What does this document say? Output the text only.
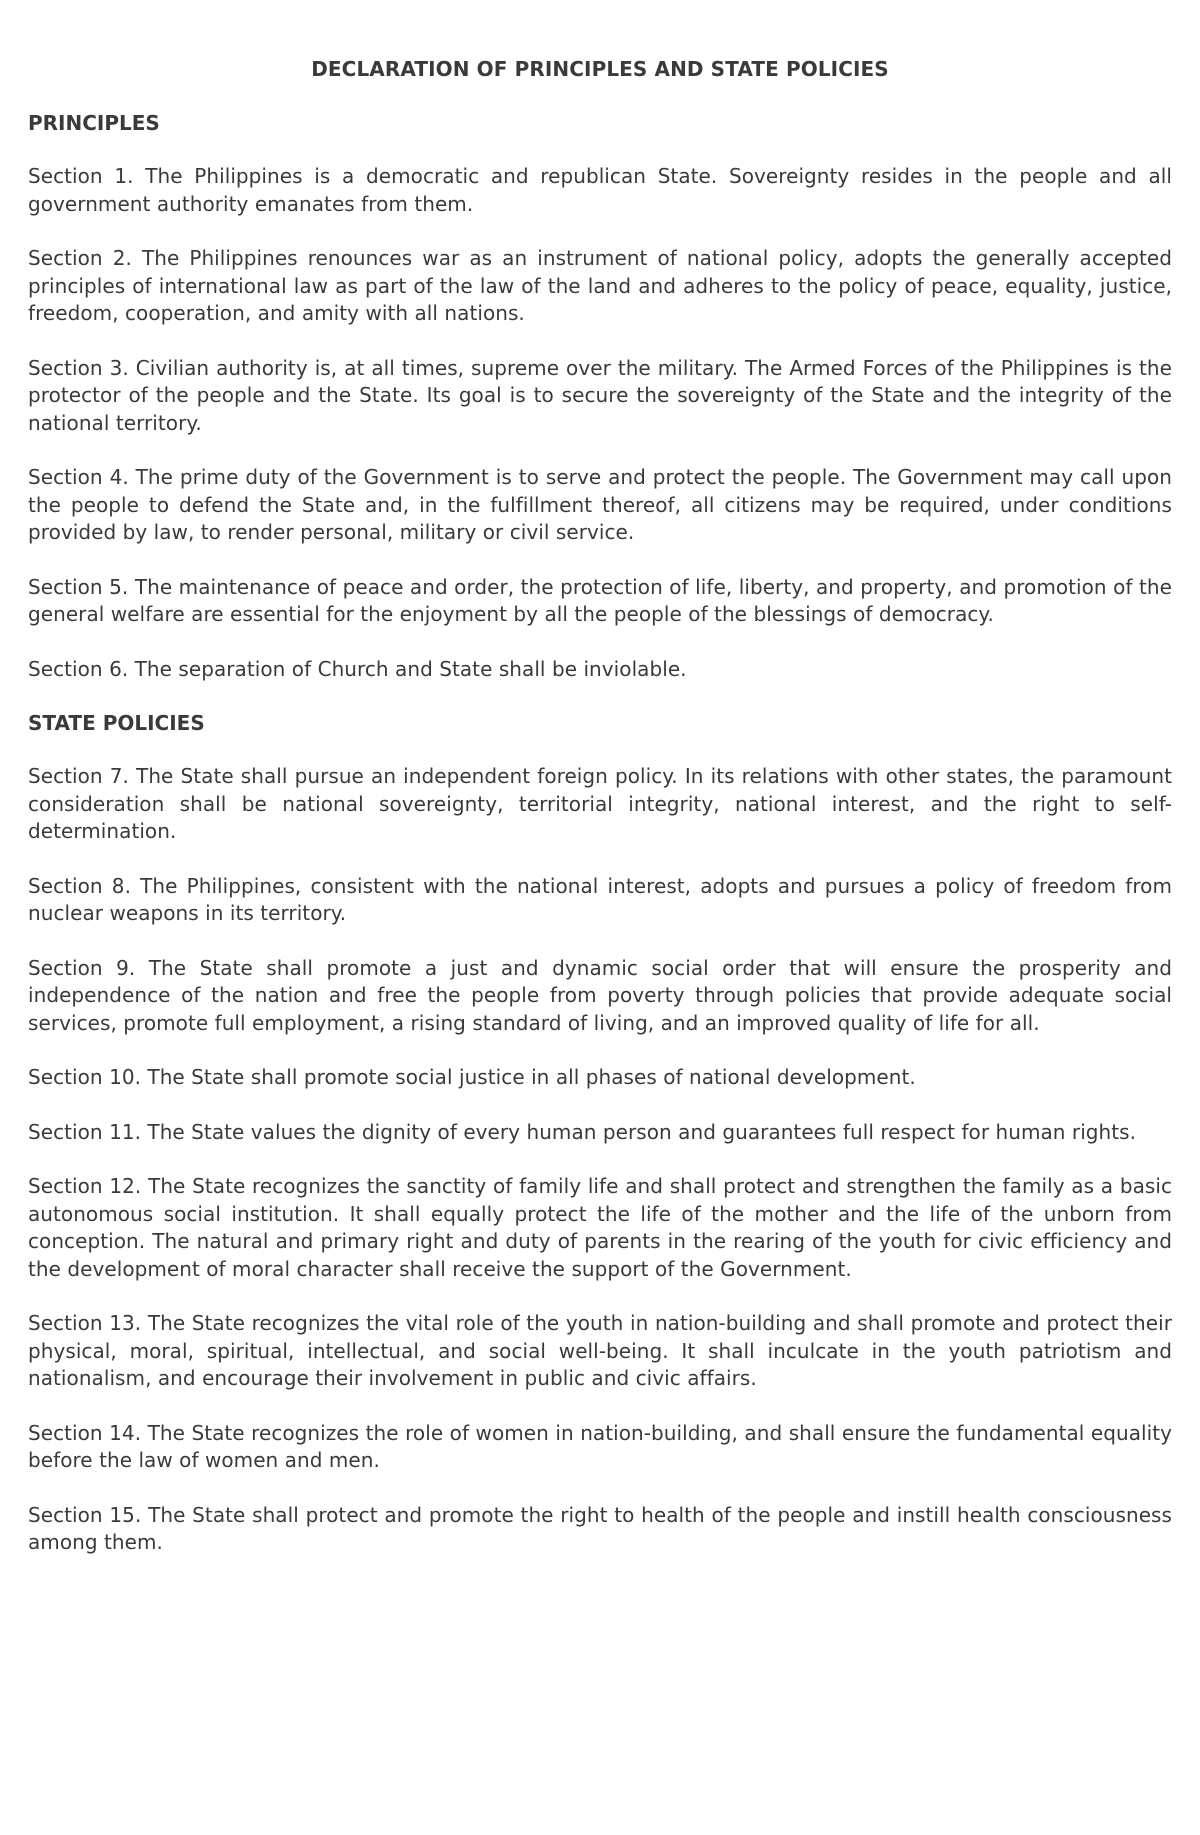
DECLARATION OF PRINCIPLES AND STATE POLICIES
PRINCIPLES

Section 1. The Philippines is a democratic and republican State. Sovereignty resides in the people and all government authority emanates from them.

Section 2. The Philippines renounces war as an instrument of national policy, adopts the generally accepted principles of international law as part of the law of the land and adheres to the policy of peace, equality, justice, freedom, cooperation, and amity with all nations.

Section 3. Civilian authority is, at all times, supreme over the military. The Armed Forces of the Philippines is the protector of the people and the State. Its goal is to secure the sovereignty of the State and the integrity of the national territory.

Section 4. The prime duty of the Government is to serve and protect the people. The Government may call upon the people to defend the State and, in the fulfillment thereof, all citizens may be required, under conditions provided by law, to render personal, military or civil service.

Section 5. The maintenance of peace and order, the protection of life, liberty, and property, and promotion of the general welfare are essential for the enjoyment by all the people of the blessings of democracy.

Section 6. The separation of Church and State shall be inviolable.

STATE POLICIES

Section 7. The State shall pursue an independent foreign policy. In its relations with other states, the paramount consideration shall be national sovereignty, territorial integrity, national interest, and the right to self-determination.

Section 8. The Philippines, consistent with the national interest, adopts and pursues a policy of freedom from nuclear weapons in its territory.

Section 9. The State shall promote a just and dynamic social order that will ensure the prosperity and independence of the nation and free the people from poverty through policies that provide adequate social services, promote full employment, a rising standard of living, and an improved quality of life for all.

Section 10. The State shall promote social justice in all phases of national development.

Section 11. The State values the dignity of every human person and guarantees full respect for human rights.

Section 12. The State recognizes the sanctity of family life and shall protect and strengthen the family as a basic autonomous social institution. It shall equally protect the life of the mother and the life of the unborn from conception. The natural and primary right and duty of parents in the rearing of the youth for civic efficiency and the development of moral character shall receive the support of the Government.

Section 13. The State recognizes the vital role of the youth in nation-building and shall promote and protect their physical, moral, spiritual, intellectual, and social well-being. It shall inculcate in the youth patriotism and nationalism, and encourage their involvement in public and civic affairs.

Section 14. The State recognizes the role of women in nation-building, and shall ensure the fundamental equality before the law of women and men.

Section 15. The State shall protect and promote the right to health of the people and instill health consciousness among them.
